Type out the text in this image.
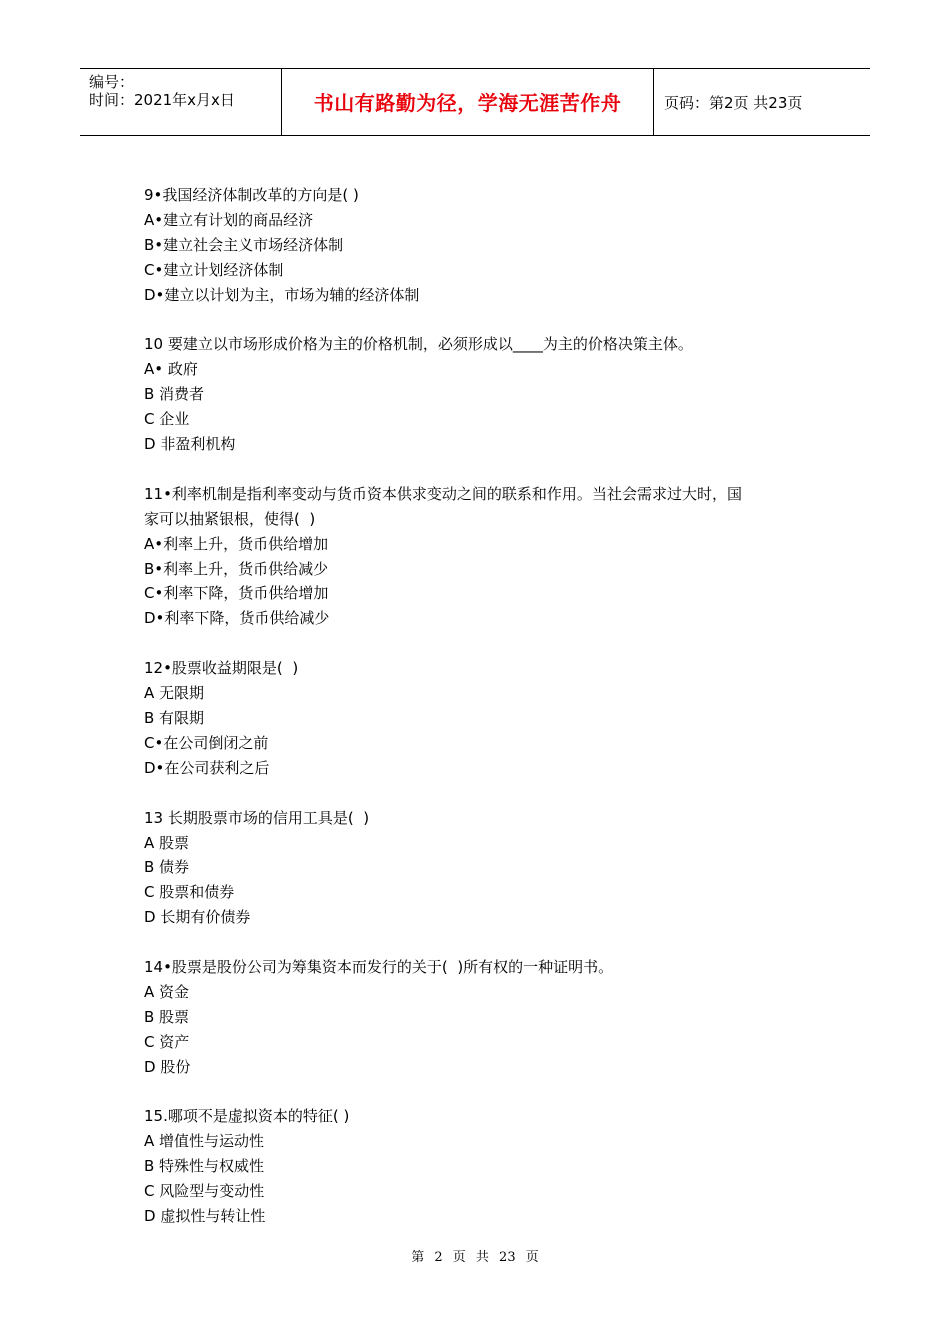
编号：
时间：2021年x月x日	书山有路勤为径，学海无涯苦作舟	页码：第2页 共23页
9•我国经济体制改革的方向是( )
A•建立有计划的商品经济
B•建立社会主义市场经济体制
C•建立计划经济体制
D•建立以计划为主，市场为辅的经济体制
10 要建立以市场形成价格为主的价格机制，必须形成以____为主的价格决策主体。
A• 政府
B 消费者
C 企业
D 非盈利机构
11•利率机制是指利率变动与货币资本供求变动之间的联系和作用。当社会需求过大时，国
家可以抽紧银根，使得(  )
A•利率上升，货币供给增加
B•利率上升，货币供给减少
C•利率下降，货币供给增加
D•利率下降，货币供给减少
12•股票收益期限是(  )
A 无限期
B 有限期
C•在公司倒闭之前
D•在公司获利之后
13 长期股票市场的信用工具是(  )
A 股票
B 债券
C 股票和债券
D 长期有价债券
14•股票是股份公司为筹集资本而发行的关于(  )所有权的一种证明书。
A 资金
B 股票
C 资产
D 股份
15.哪项不是虚拟资本的特征( )
A 增值性与运动性
B 特殊性与权威性
C 风险型与变动性
D 虚拟性与转让性
第 2 页 共 23 页
